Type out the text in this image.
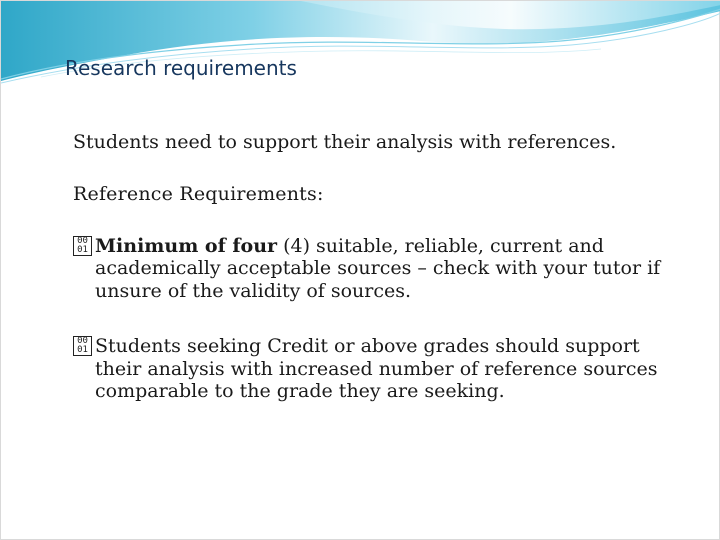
Research requirements

Students need to support their analysis with references.

Reference Requirements:

00
01 Minimum of four (4) suitable, reliable, current and academically acceptable sources – check with your tutor if unsure of the validity of sources.
00
01 Students seeking Credit or above grades should support their analysis with increased number of reference sources comparable to the grade they are seeking.
